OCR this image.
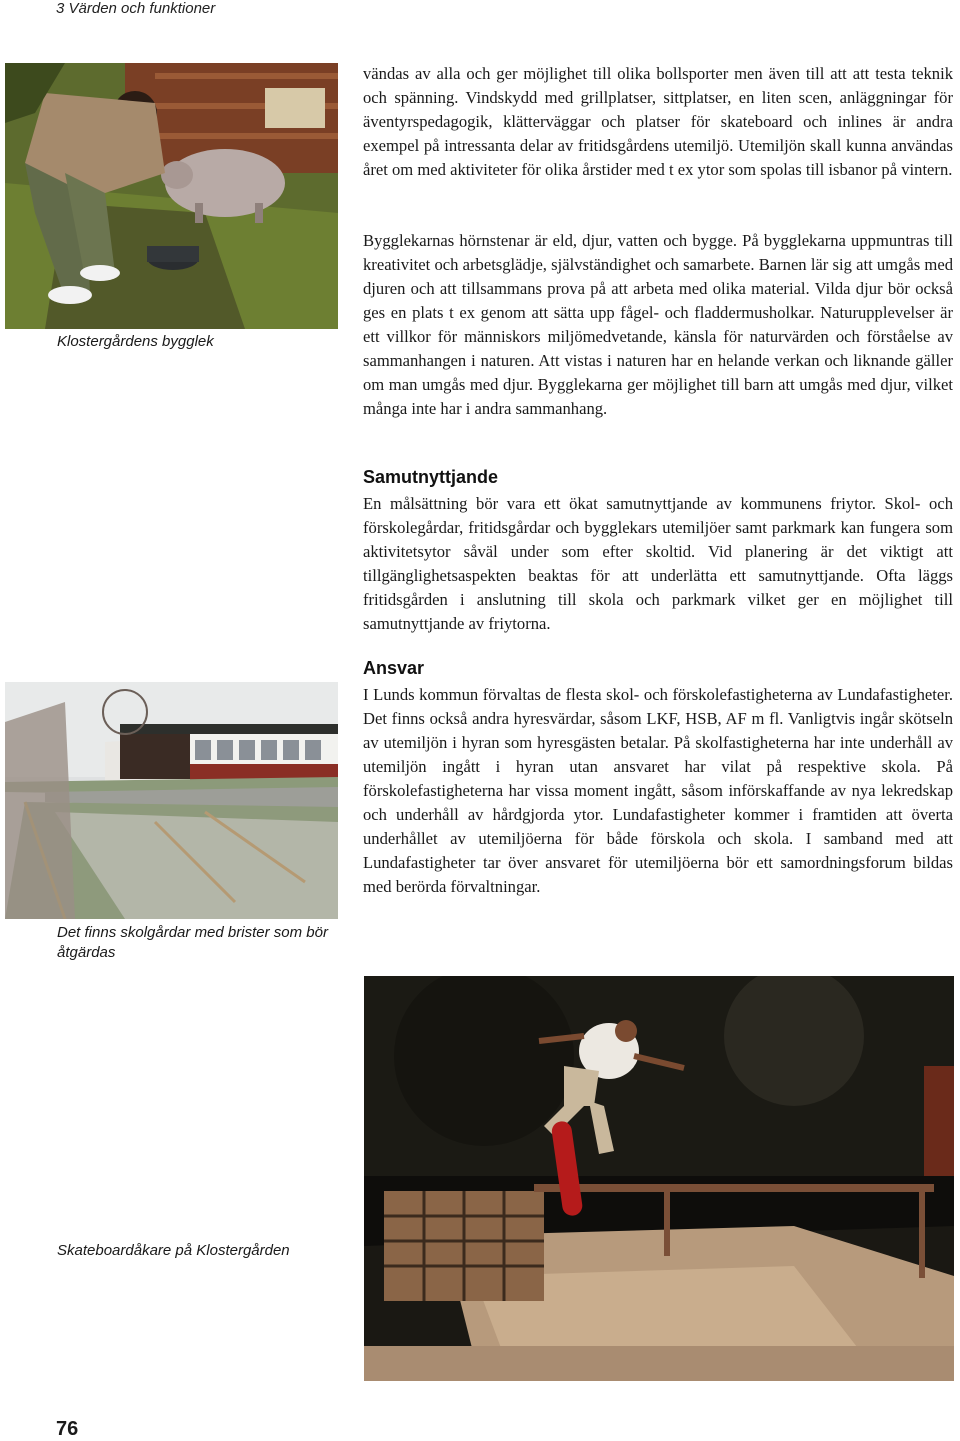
3 Värden och funktioner
Klostergårdens bygglek
Det finns skolgårdar med brister som bör åtgärdas

vändas av alla och ger möjlighet till olika bollsporter men även till att att testa teknik och spänning. Vindskydd med grillplatser, sittplatser, en liten scen, anläggningar för äventyrspedagogik, klätterväggar och platser för skateboard och inlines är andra exempel på intressanta delar av fritidsgårdens utemiljö. Utemiljön skall kunna användas året om med aktiviteter för olika årstider med t ex ytor som spolas till isbanor på vintern.

Bygglekarnas hörnstenar är eld, djur, vatten och bygge. På bygglekarna uppmuntras till kreativitet och arbetsglädje, självständighet och samarbete. Barnen lär sig att umgås med djuren och att tillsammans prova på att arbeta med olika material. Vilda djur bör också ges en plats t ex genom att sätta upp fågel- och fladdermusholkar. Naturupplevelser är ett villkor för människors miljömedvetande, känsla för naturvärden och förståelse av sammanhangen i naturen. Att vistas i naturen har en helande verkan och liknande gäller om man umgås med djur. Bygglekarna ger möjlighet till barn att umgås med djur, vilket många inte har i andra sammanhang.

Samutnyttjande

En målsättning bör vara ett ökat samutnyttjande av kommunens friytor. Skol- och förskolegårdar, fritidsgårdar och bygglekars utemiljöer samt parkmark kan fungera som aktivitetsytor såväl under som efter skoltid. Vid planering är det viktigt att tillgänglighetsaspekten beaktas för att underlätta ett samutnyttjande. Ofta läggs fritidsgården i anslutning till skola och parkmark vilket ger en möjlighet till samutnyttjande av friytorna.

Ansvar

I Lunds kommun förvaltas de flesta skol- och förskolefastigheterna av Lundafastigheter. Det finns också andra hyresvärdar, såsom LKF, HSB, AF m fl. Vanligtvis ingår skötseln av utemiljön i hyran som hyresgästen betalar. På skolfastigheterna har inte underhåll av utemiljön ingått i hyran utan ansvaret har vilat på respektive skola. På förskolefastigheterna har vissa moment ingått, såsom införskaffande av nya lekredskap och underhåll av hårdgjorda ytor. Lundafastigheter kommer i framtiden att överta underhållet av utemiljöerna för både förskola och skola. I samband med att Lundafastigheter tar över ansvaret för utemiljöerna bör ett samordningsforum bildas med berörda förvaltningar.

Skateboardåkare på Klostergården
76
